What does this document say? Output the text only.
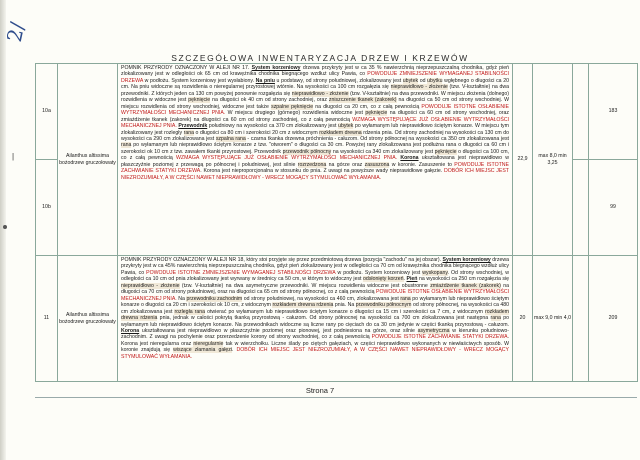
2/
|
SZCZEGÓŁOWA INWENTARYZACJA DRZEW I KRZEWÓW
10a	Ailanthus altissima bożodrzew gruczołowaty	POMNIK PRZYRODY OZNACZONY W ALEJI NR 17. System korzeniowy drzewa przykryty jest w ca 35 % nawierzchnią nieprzepuszczalną chodnika, gdyż pień zlokalizowany jest w odległości ok 65 cm od krawężnika chodnika biegnącego wzdłuż ulicy Pawia, co POWODUJE ZMNIEJSZENIE WYMAGANEJ STABILNOŚCI DRZEWA w podłożu. System korzeniowy jest wysłabiony. Na pniu u podstawy, od strony południowej, zlokalizowany jest ubytek od ubytku wgłębnego o długości ca 20 cm. Na pniu widoczne są rozwidlenia o nieregularnej przyrostowej wtórnie. Na wysokości ca 100 cm rozgałęzia się nieprawidłowo - złożenie (tzw. V-kształtnie) na dwa przewodniki. Z których jeden ca 130 cm powyżej ponownie rozgałęzia się nieprawidłowo - złożenie (tzw. V-kształtnie) na dwa przewodniki. W miejscu złożenia (dolnego) rozwidlenia w widoczne jest pęknięcie na długości ok 40 cm od strony zachodniej, oraz zniszczenie tkanek (zakorek) na długości ca 50 cm od strony wschodniej. W miejscu rozwidlenia od strony wschodniej, widoczne jest także szpalne pęknięcie na długości ca 20 cm, co z całą pewnością POWODUJE ISTOTNE OSŁABIENIE WYTRZYMAŁOŚCI MECHANICZNEJ PNIA. W miejscu drugiego (górnego) rozwidlenia widoczne jest pęknięcie na długości ca 60 cm od strony wschodniej, oraz zmiażdżenie tkanek (zakorek) na długości ca 60 cm od strony zachodniej, co z całą pewnością WZMAGA WYSTĘPUJĄCE JUŻ OSŁABIENIE WYTRZYMAŁOŚCI MECHANICZNEJ PNIA. Przewodnik południowy na wysokości ca 370 cm zlokalizowany jest ubytek po wyłamanym lub nieprawidłowo ściętym konarze. W miejscu tym zlokalizowany jest rozległy rana o długości ca 80 cm i szerokości 20 cm z widocznym rozkładem drewna rdzenia pnia. Od strony zachodniej na wysokości ca 130 cm do wysokości ca 290 cm zlokalizowana jest szpalna rana - czarna tkanka drzewna próchnienia - całuzom. Od strony północnej na wysokości ca 350 cm zlokalizowana jest rana po wyłamanym lub nieprawidłowo ściętym konarze z tzw. "otworem" o długości ca 30 cm. Powyżej rany zlokalizowana jest podłużna rana o długości ca 60 cm i szerokości ok 10 cm z tzw. zawałem tkanki przyrostowej. Przewodnik przewodnik północny na wysokości ca 340 cm zlokalizowany jest pęknięcie o długości ca 100 cm, co z całą pewnością WZMAGA WYSTĘPUJĄCE JUŻ OSŁABIENIE WYTRZYMAŁOŚCI MECHANICZNEJ PNIA. Korona ukształtowana jest nieprawidłowo w płaszczyźnie poziomej z przewagą po północnej i południowej, jest silnie rozrzedzona na górze oraz zasuszona w koronie. Zasuszenie to POWODUJE ISTOTNE ZACHWIANIE STATYKI DRZEWA. Korona jest nieproporcjonalna w stosunku do pnia. Z uwagi na powyższe wady nieprawidłowe gałęzie. DOBÓR ICH MIEJSC JEST NIEZROZUMIAŁY, A W CZĘŚCI NAWET NIEPRAWIDŁOWY - WRECZ MOGĄCY STYMULOWAĆ WYŁAMANIA.	22,9	max 8,0 min 3,25		183
10b						99
11	Ailanthus altissima bożodrzew gruczołowaty	POMNIK PRZYRODY OZNACZONY W ALEJI NR 18, który stoi przyjęte się przez przedmiotową drzewa (pozycja "zachodu" na jej obszar). System korzeniowy drzewa przykryty jest w ca 45% nawierzchnią nieprzepuszczalną chodnika, gdyż pień zlokalizowany jest w odległości ca 70 cm od krawężnika chodnika biegnącego wzdłuż ulicy Pawia, co POWODUJE ISTOTNE ZMNIEJSZENIE WYMAGANEJ STABILNOŚCI DRZEWA w podłożu. System korzeniowy jest wyskopany. Od strony wschodniej, w odległości ca 10 cm od pnia zlokalizowany jest wyrwany w średnicy ca 50 cm, w którym to widoczny jest odsłonięty korzeń. Pień na wysokości ca 250 cm rozgałęzia się nieprawidłowo - złożenie (tzw. V-kształtnie) na dwa asymetryczne przewodniki. W miejscu rozwidlenia widoczne jest obustronne zmiażdżenie tkanek (zakorek) na długości ca 70 cm od strony południowej, oraz na długości ca 65 cm od strony północnej, co z całą pewnością POWODUJE ISTOTNE OSŁABIENIE WYTRZYMAŁOŚCI MECHANICZNEJ PNIA. Na przewodniku zachodnim od strony południowej, na wysokości ca 460 cm, zlokalizowana jest rana po wyłamanym lub nieprawidłowo ściętym konarze o długości ca 20 cm i szerokości ok 10 cm, z widocznym rozkładem drewna rdzenia pnia. Na przewodniku północnym od strony północnej, na wysokości ca 480 cm zlokalizowana jest rozległa rana otwierać po wyłamanym lub nieprawidłowo ściętym konarze o długości ca 15 cm i szerokości ca 7 cm, z widocznym rozkładem drewna rdzenia pnia, jednak w całości pokrytą tkanką przyrostową - całuzom. Od strony północnej na wysokości ca 700 cm zlokalizowana jest następna rana po wyłamanym lub nieprawidłowo ściętym konarze. Na przewodnikach widoczne są liczne rany po cięciach do ca 30 cm jedynie w części tkanką przyrostową - całuzom. Korona ukształtowana jest nieprawidłowo w płaszczyźnie poziomej oraz pionowej, jest podniesiona na górze, oraz silnie asymetryczna w kierunku południowo-zachodnim. Z uwagi na pochylenie oraz przerzedzenie korony od strony wschodniej, co z całą pewnością POWODUJE ISTOTNE ZACHWIANIE STATYKI DRZEWA. Korona jest nieregularna oraz nieregularnie tak w wierzchołku. Liczne ślady po ciętych gałęziach, w części nieprawidłowo wykonanych w niewłaściwych sposób. W koronie znajdują się wiszące złamania gałęzi. DOBÓR ICH MIEJSC JEST NIEZROZUMIAŁY, A W CZĘŚCI NAWET NIEPRAWIDŁOWY - WRECZ MOGĄCY STYMULOWAĆ WYŁAMANIA.	20	max 9,0 min 4,0		209
Strona 7
